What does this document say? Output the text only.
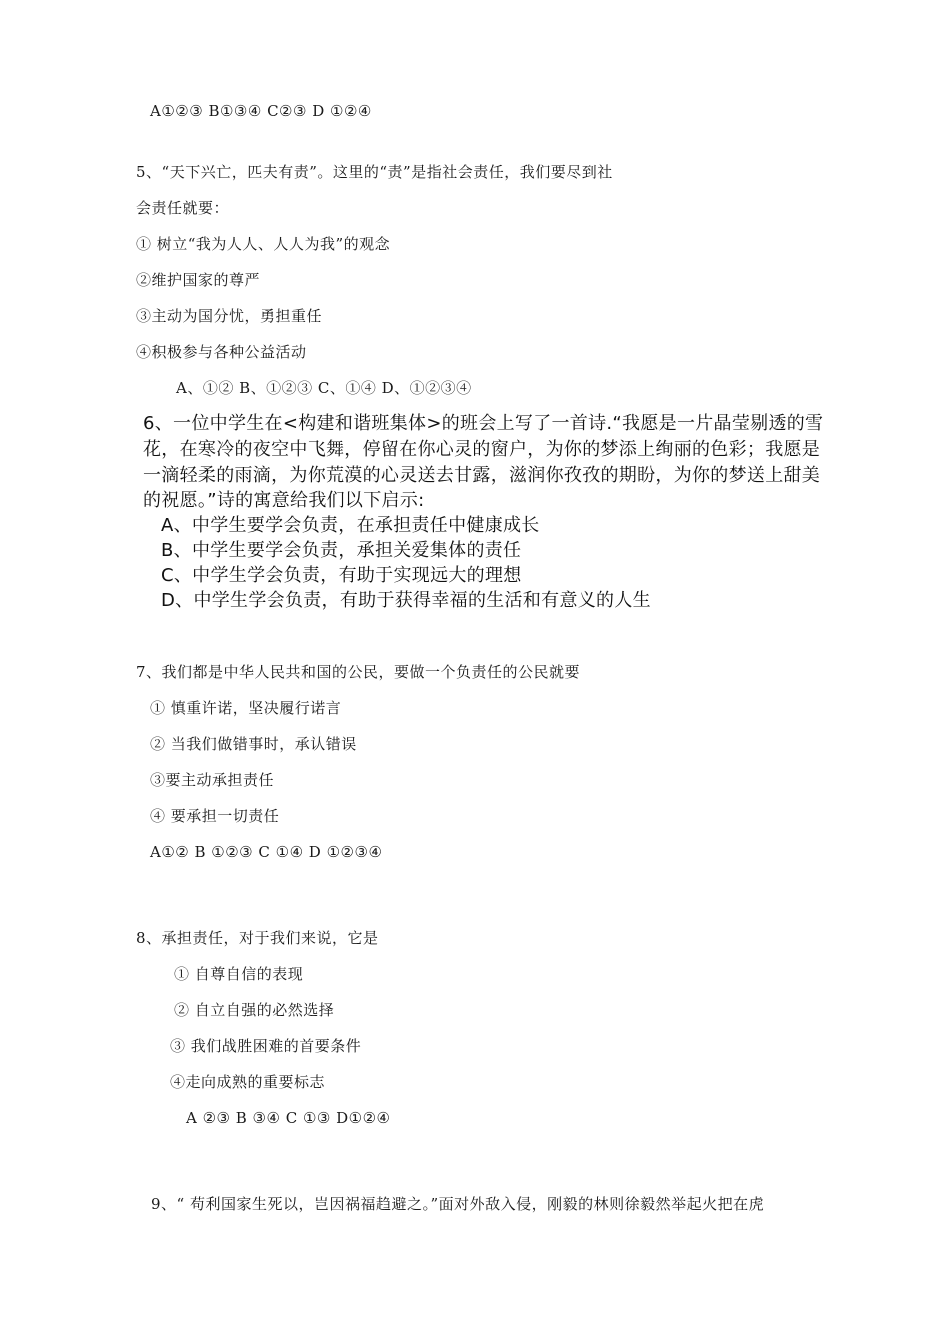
A①②③ B①③④ C②③ D ①②④
5、“天下兴亡，匹夫有责”。这里的“责”是指社会责任，我们要尽到社
会责任就要：
① 树立“我为人人、人人为我”的观念
②维护国家的尊严
③主动为国分忧，勇担重任
④积极参与各种公益活动
A、①② B、①②③ C、①④ D、①②③④
6、一位中学生在<构建和谐班集体>的班会上写了一首诗.“我愿是一片晶莹剔透的雪
花，在寒冷的夜空中飞舞，停留在你心灵的窗户，为你的梦添上绚丽的色彩；我愿是
一滴轻柔的雨滴，为你荒漠的心灵送去甘露，滋润你孜孜的期盼，为你的梦送上甜美
的祝愿。”诗的寓意给我们以下启示:
A、中学生要学会负责，在承担责任中健康成长
B、中学生要学会负责，承担关爱集体的责任
C、中学生学会负责，有助于实现远大的理想
D、中学生学会负责，有助于获得幸福的生活和有意义的人生
7、我们都是中华人民共和国的公民，要做一个负责任的公民就要
① 慎重许诺，坚决履行诺言
② 当我们做错事时，承认错误
③要主动承担责任
④ 要承担一切责任
A①② B ①②③ C ①④ D ①②③④
8、承担责任，对于我们来说，它是
① 自尊自信的表现
② 自立自强的必然选择
③ 我们战胜困难的首要条件
④走向成熟的重要标志
A ②③ B ③④ C ①③ D①②④
9、“ 苟利国家生死以，岂因祸福趋避之。”面对外敌入侵，刚毅的林则徐毅然举起火把在虎
